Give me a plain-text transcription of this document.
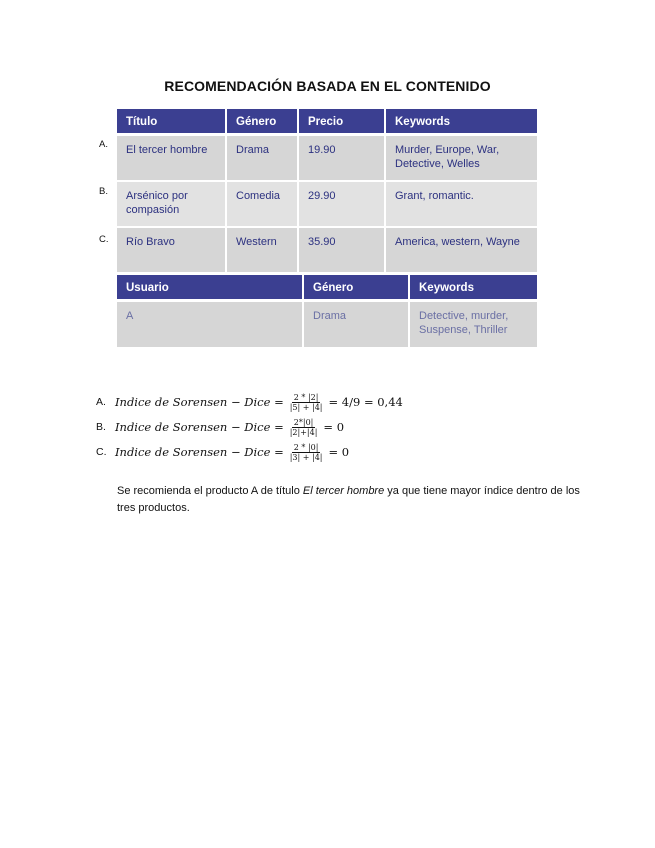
RECOMENDACIÓN BASADA EN EL CONTENIDO
Título	Género	Precio	Keywords
El tercer hombre	Drama	19.90	Murder, Europe, War, Detective, Welles
Arsénico por compasión	Comedia	29.90	Grant, romantic.
Río Bravo	Western	35.90	America, western, Wayne
A.
B.
C.
Usuario	Género	Keywords
A	Drama	Detective, murder, Suspense, Thriller
A. Indice de Sorensen − Dice = $\frac{2 * |2|}{|5| + |4|} = 4/9 = 0,44$
B. Indice de Sorensen − Dice = $\frac{2*|0|}{|2|+|4|} = 0$
C. Indice de Sorensen − Dice = $\frac{2 * |0|}{|3| + |4|} = 0$
Se recomienda el producto A de título El tercer hombre ya que tiene mayor índice dentro de los tres productos.
